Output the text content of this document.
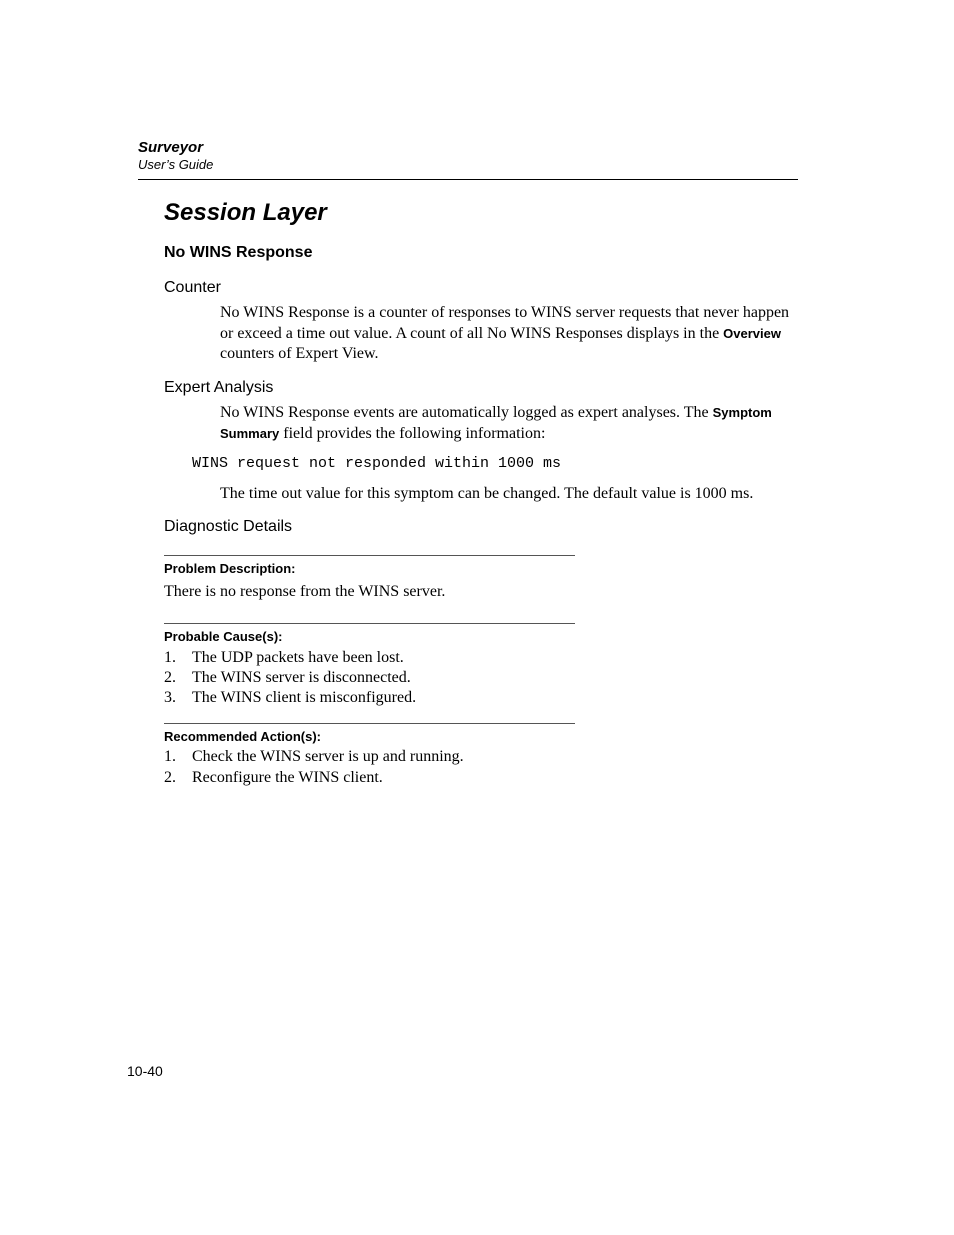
Surveyor
User’s Guide
Session Layer
No WINS Response
Counter
No WINS Response is a counter of responses to WINS server requests that never happen or exceed a time out value. A count of all No WINS Responses displays in the Overview counters of Expert View.
Expert Analysis
No WINS Response events are automatically logged as expert analyses. The Symptom Summary field provides the following information:
WINS request not responded within 1000 ms
The time out value for this symptom can be changed. The default value is 1000 ms.
Diagnostic Details
Problem Description:
There is no response from the WINS server.
Probable Cause(s):
1. The UDP packets have been lost.
2. The WINS server is disconnected.
3. The WINS client is misconfigured.
Recommended Action(s):
1. Check the WINS server is up and running.
2. Reconfigure the WINS client.
10-40
